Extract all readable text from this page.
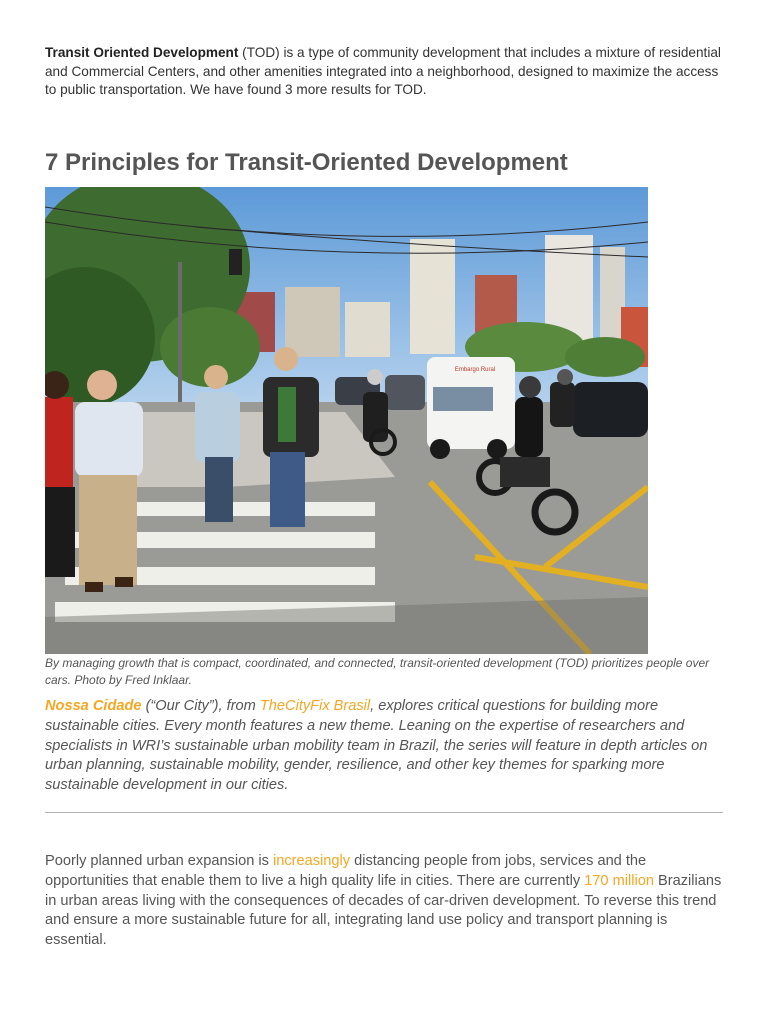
Transit Oriented Development (TOD) is a type of community development that includes a mixture of residential and Commercial Centers, and other amenities integrated into a neighborhood, designed to maximize the access to public transportation. We have found 3 more results for TOD.

7 Principles for Transit-Oriented Development
Embargo Rural

By managing growth that is compact, coordinated, and connected, transit-oriented development (TOD) prioritizes people over cars. Photo by Fred Inklaar.

Nossa Cidade (“Our City”), from TheCityFix Brasil, explores critical questions for building more sustainable cities. Every month features a new theme. Leaning on the expertise of researchers and specialists in WRI’s sustainable urban mobility team in Brazil, the series will feature in depth articles on urban planning, sustainable mobility, gender, resilience, and other key themes for sparking more sustainable development in our cities.

Poorly planned urban expansion is increasingly distancing people from jobs, services and the opportunities that enable them to live a high quality life in cities. There are currently 170 million Brazilians in urban areas living with the consequences of decades of car-driven development. To reverse this trend and ensure a more sustainable future for all, integrating land use policy and transport planning is essential.
